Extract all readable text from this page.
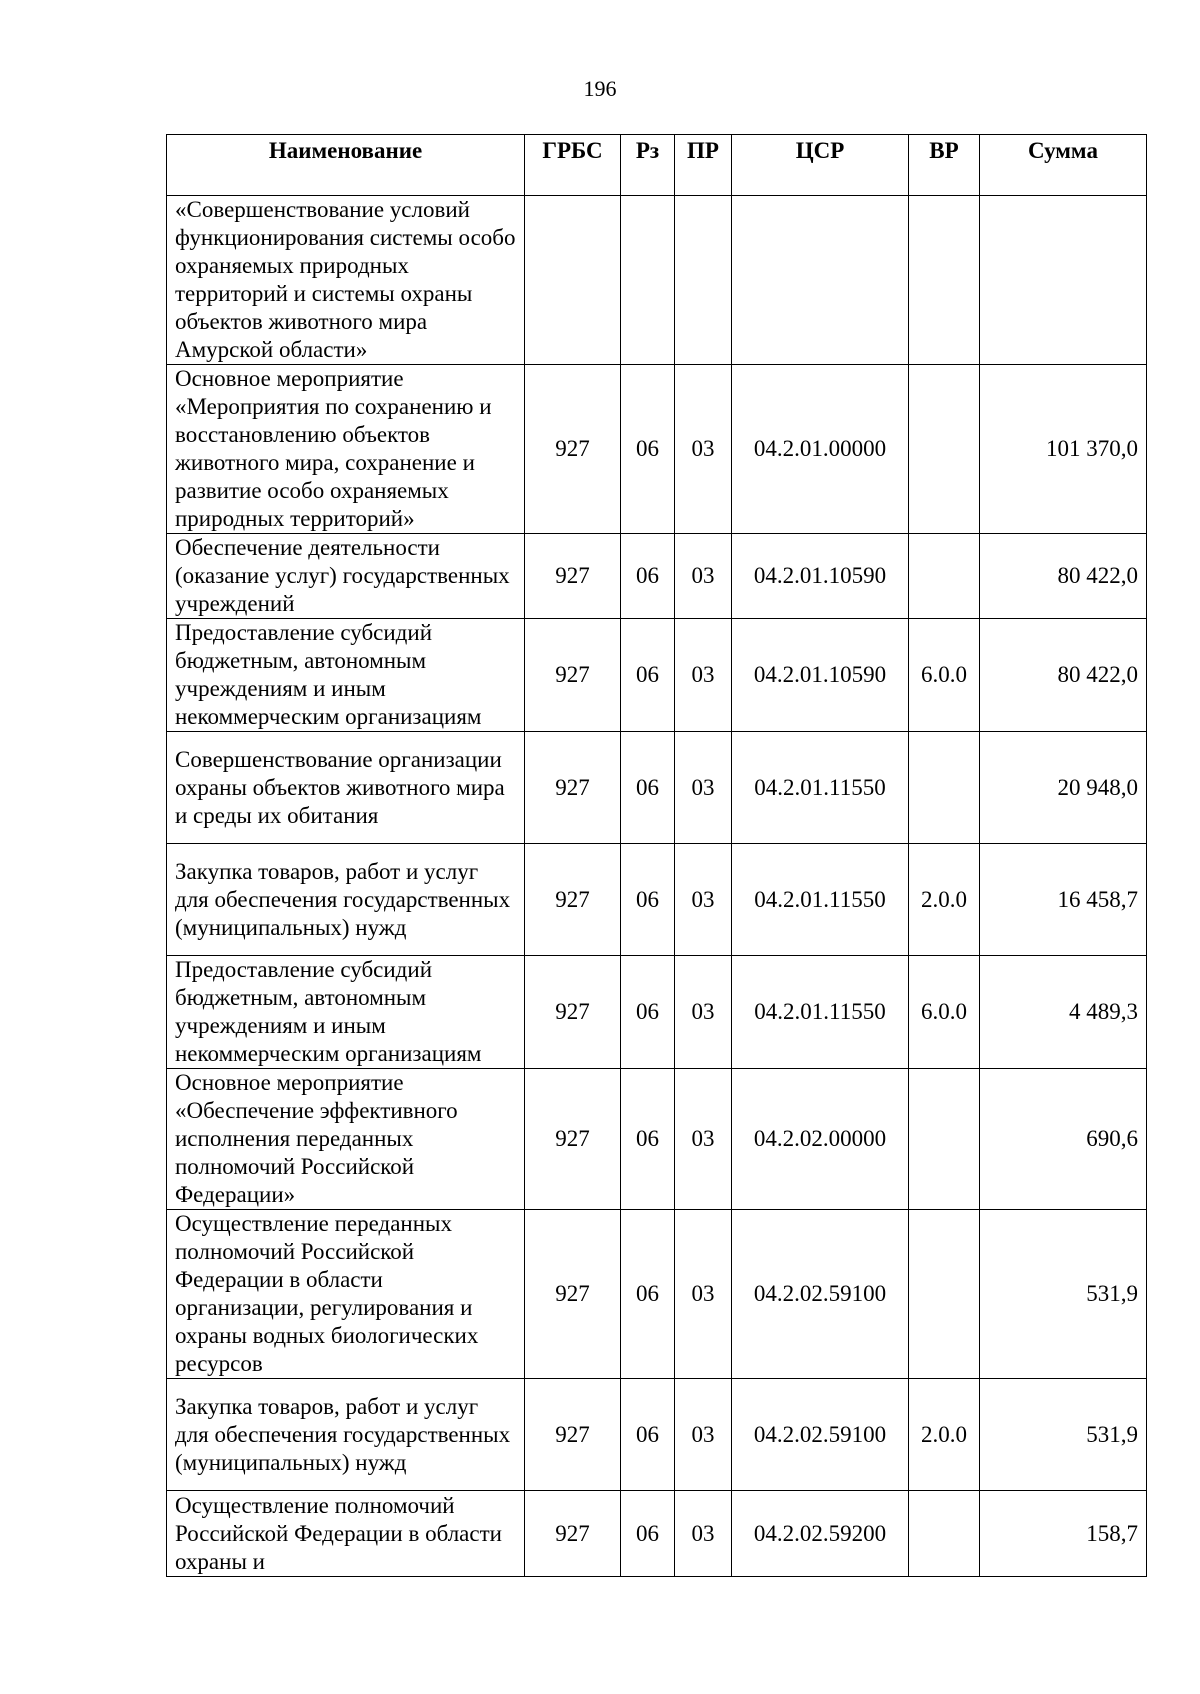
196
Наименование	ГРБС	Рз	ПР	ЦСР	ВР	Сумма
«Совершенствование условий функционирования системы особо охраняемых природных территорий и системы охраны объектов животного мира Амурской области»						
Основное мероприятие «Мероприятия по сохранению и восстановлению объектов животного мира, сохранение и развитие особо охраняемых природных территорий»	927	06	03	04.2.01.00000		101 370,0
Обеспечение деятельности (оказание услуг) государственных учреждений	927	06	03	04.2.01.10590		80 422,0
Предоставление субсидий бюджетным, автономным учреждениям и иным некоммерческим организациям	927	06	03	04.2.01.10590	6.0.0	80 422,0
Совершенствование организации охраны объектов животного мира и среды их обитания	927	06	03	04.2.01.11550		20 948,0
Закупка товаров, работ и услуг для обеспечения государственных (муниципальных) нужд	927	06	03	04.2.01.11550	2.0.0	16 458,7
Предоставление субсидий бюджетным, автономным учреждениям и иным некоммерческим организациям	927	06	03	04.2.01.11550	6.0.0	4 489,3
Основное мероприятие «Обеспечение эффективного исполнения переданных полномочий Российской Федерации»	927	06	03	04.2.02.00000		690,6
Осуществление переданных полномочий Российской Федерации в области организации, регулирования и охраны водных биологических ресурсов	927	06	03	04.2.02.59100		531,9
Закупка товаров, работ и услуг для обеспечения государственных (муниципальных) нужд	927	06	03	04.2.02.59100	2.0.0	531,9
Осуществление полномочий Российской Федерации в области охраны и	927	06	03	04.2.02.59200		158,7
